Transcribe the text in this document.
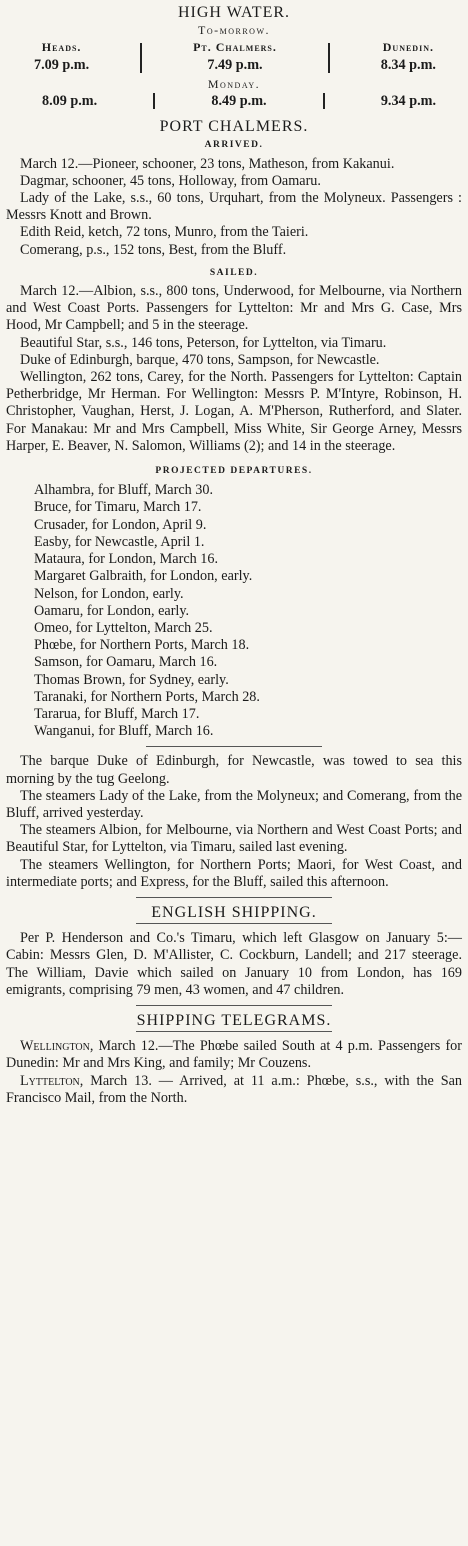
HIGH WATER.
To-morrow.
Heads.
7.09 p.m.
Pt. Chalmers.
7.49 p.m.
Dunedin.
8.34 p.m.
Monday.
8.09 p.m.	8.49 p.m.	9.34 p.m.
PORT CHALMERS.
ARRIVED.

March 12.—Pioneer, schooner, 23 tons, Matheson, from Kakanui.

Dagmar, schooner, 45 tons, Holloway, from Oamaru.

Lady of the Lake, s.s., 60 tons, Urquhart, from the Molyneux. Passengers : Messrs Knott and Brown.

Edith Reid, ketch, 72 tons, Munro, from the Taieri.

Comerang, p.s., 152 tons, Best, from the Bluff.

SAILED.

March 12.—Albion, s.s., 800 tons, Underwood, for Melbourne, via Northern and West Coast Ports. Passengers for Lyttelton: Mr and Mrs G. Case, Mrs Hood, Mr Campbell; and 5 in the steerage.

Beautiful Star, s.s., 146 tons, Peterson, for Lyttelton, via Timaru.

Duke of Edinburgh, barque, 470 tons, Sampson, for Newcastle.

Wellington, 262 tons, Carey, for the North. Passengers for Lyttelton: Captain Petherbridge, Mr Herman. For Wellington: Messrs P. M'Intyre, Robinson, H. Christopher, Vaughan, Herst, J. Logan, A. M'Pherson, Rutherford, and Slater. For Manakau: Mr and Mrs Campbell, Miss White, Sir George Arney, Messrs Harper, E. Beaver, N. Salomon, Williams (2); and 14 in the steerage.

PROJECTED DEPARTURES.
Alhambra, for Bluff, March 30.
Bruce, for Timaru, March 17.
Crusader, for London, April 9.
Easby, for Newcastle, April 1.
Mataura, for London, March 16.
Margaret Galbraith, for London, early.
Nelson, for London, early.
Oamaru, for London, early.
Omeo, for Lyttelton, March 25.
Phœbe, for Northern Ports, March 18.
Samson, for Oamaru, March 16.
Thomas Brown, for Sydney, early.
Taranaki, for Northern Ports, March 28.
Tararua, for Bluff, March 17.
Wanganui, for Bluff, March 16.

The barque Duke of Edinburgh, for Newcastle, was towed to sea this morning by the tug Geelong.

The steamers Lady of the Lake, from the Molyneux; and Comerang, from the Bluff, arrived yesterday.

The steamers Albion, for Melbourne, via Northern and West Coast Ports; and Beautiful Star, for Lyttelton, via Timaru, sailed last evening.

The steamers Wellington, for Northern Ports; Maori, for West Coast, and intermediate ports; and Express, for the Bluff, sailed this afternoon.

ENGLISH SHIPPING.

Per P. Henderson and Co.'s Timaru, which left Glasgow on January 5:—Cabin: Messrs Glen, D. M'Allister, C. Cockburn, Landell; and 217 steerage. The William, Davie which sailed on January 10 from London, has 169 emigrants, comprising 79 men, 43 women, and 47 children.

SHIPPING TELEGRAMS.

Wellington, March 12.—The Phœbe sailed South at 4 p.m. Passengers for Dunedin: Mr and Mrs King, and family; Mr Couzens.

Lyttelton, March 13. — Arrived, at 11 a.m.: Phœbe, s.s., with the San Francisco Mail, from the North.
